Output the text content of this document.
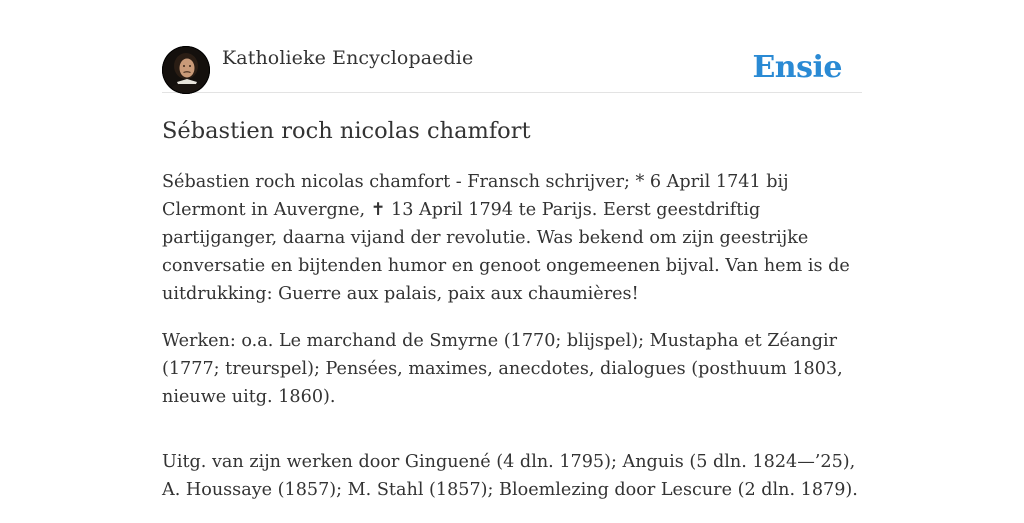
Katholieke Encyclopaedie	Ensie
Sébastien roch nicolas chamfort

Sébastien roch nicolas chamfort - Fransch schrijver; * 6 April 1741 bij Clermont in Auvergne, ✝ 13 April 1794 te Parijs. Eerst geestdriftig partijganger, daarna vijand der revolutie. Was bekend om zijn geestrijke conversatie en bijtenden humor en genoot ongemeenen bijval. Van hem is de uitdrukking: Guerre aux palais, paix aux chaumières!

Werken: o.a. Le marchand de Smyrne (1770; blijspel); Mustapha et Zéangir (1777; treurspel); Pensées, maximes, anecdotes, dialogues (posthuum 1803, nieuwe uitg. 1860).

Uitg. van zijn werken door Ginguené (4 dln. 1795); Anguis (5 dln. 1824—’25), A. Houssaye (1857); M. Stahl (1857); Bloemlezing door Lescure (2 dln. 1879).
